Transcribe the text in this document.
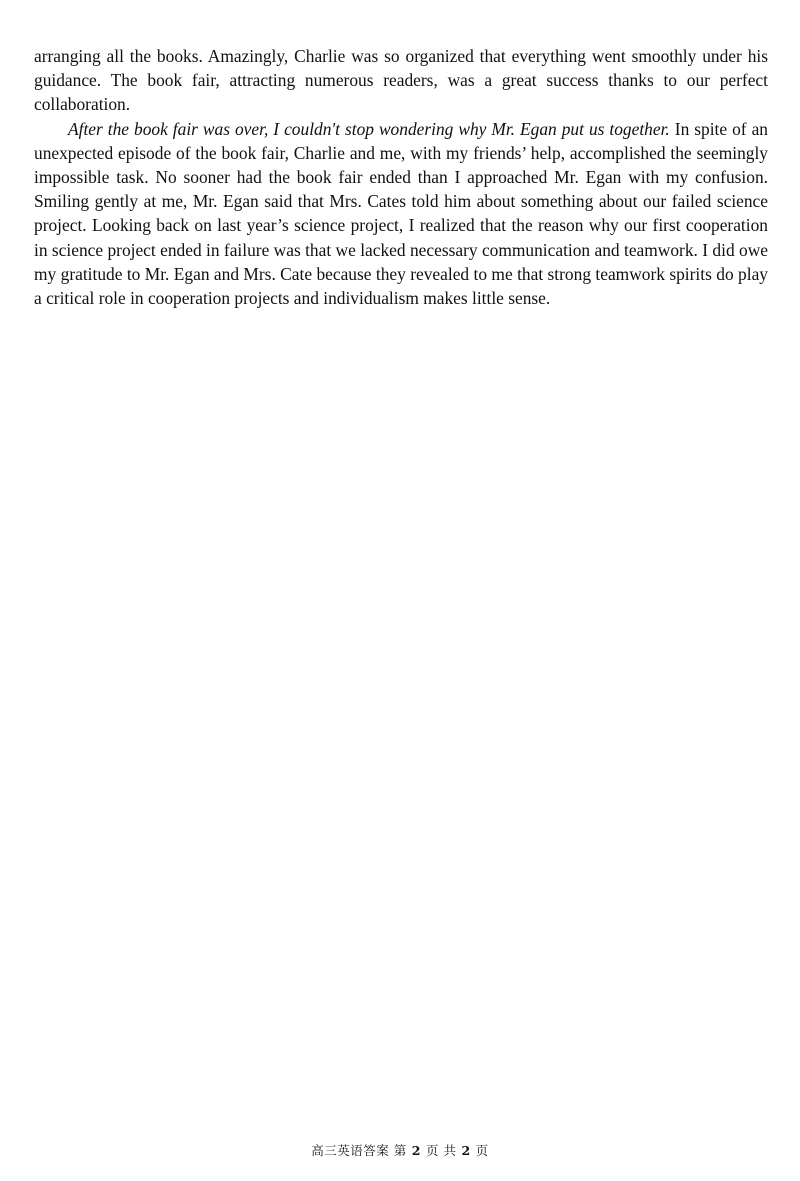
arranging all the books. Amazingly, Charlie was so organized that everything went smoothly under his guidance. The book fair, attracting numerous readers, was a great success thanks to our perfect collaboration.

After the book fair was over, I couldn't stop wondering why Mr. Egan put us together. In spite of an unexpected episode of the book fair, Charlie and me, with my friends’ help, accomplished the seemingly impossible task. No sooner had the book fair ended than I approached Mr. Egan with my confusion. Smiling gently at me, Mr. Egan said that Mrs. Cates told him about something about our failed science project. Looking back on last year’s science project, I realized that the reason why our first cooperation in science project ended in failure was that we lacked necessary communication and teamwork. I did owe my gratitude to Mr. Egan and Mrs. Cate because they revealed to me that strong teamwork spirits do play a critical role in cooperation projects and individualism makes little sense.

高三英语答案 第 2 页 共 2 页
